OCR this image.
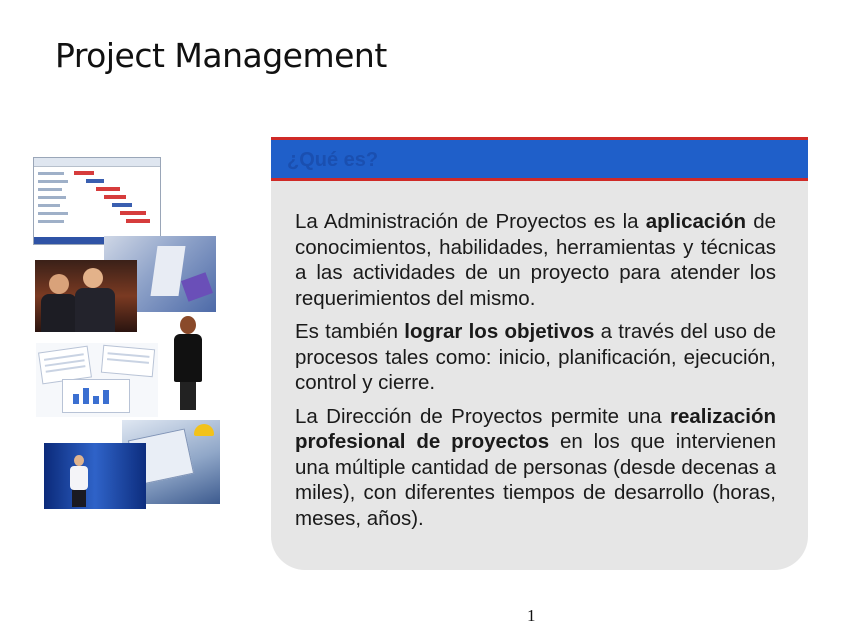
Project Management
¿Qué es?

La Administración de Proyectos es la aplicación de conocimientos, habilidades, herramientas y técnicas a las actividades de un proyecto para atender los requerimientos del mismo.

Es también lograr los objetivos a través del uso de procesos tales como: inicio, planificación, ejecución, control y cierre.

La Dirección de Proyectos permite una realización profesional de proyectos en los que intervienen una múltiple cantidad de personas (desde decenas a miles), con diferentes tiempos de desarrollo (horas, meses, años).

1
